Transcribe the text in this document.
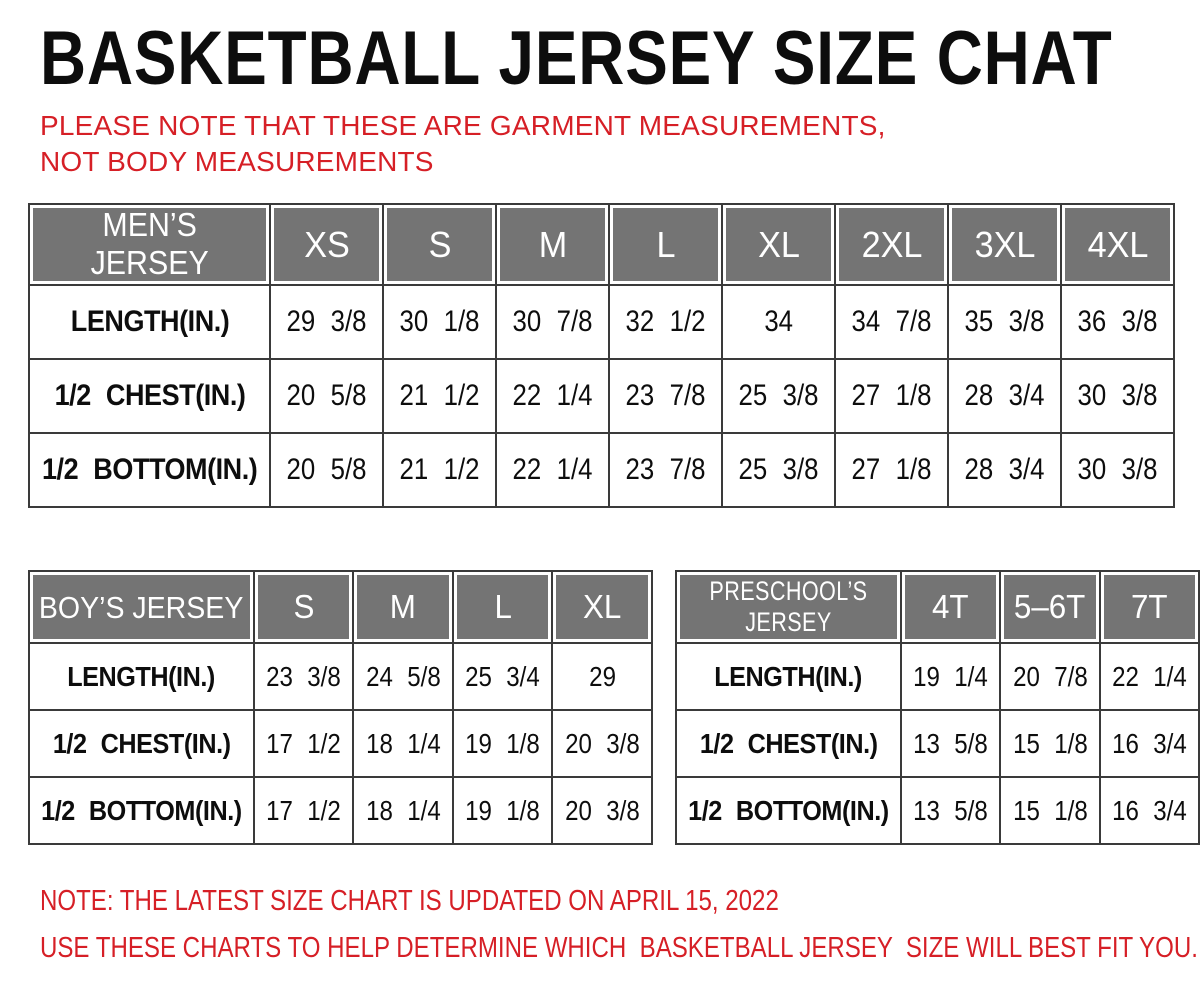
BASKETBALL JERSEY SIZE CHAT

PLEASE NOTE THAT THESE ARE GARMENT MEASUREMENTS, NOT BODY MEASUREMENTS

MEN’S JERSEY	XS	S	M	L	XL	2XL	3XL	4XL
LENGTH(IN.)	29 3/8	30 1/8	30 7/8	32 1/2	34	34 7/8	35 3/8	36 3/8
1/2 CHEST(IN.)	20 5/8	21 1/2	22 1/4	23 7/8	25 3/8	27 1/8	28 3/4	30 3/8
1/2 BOTTOM(IN.)	20 5/8	21 1/2	22 1/4	23 7/8	25 3/8	27 1/8	28 3/4	30 3/8
BOY’S JERSEY	S	M	L	XL
LENGTH(IN.)	23 3/8	24 5/8	25 3/4	29
1/2 CHEST(IN.)	17 1/2	18 1/4	19 1/8	20 3/8
1/2 BOTTOM(IN.)	17 1/2	18 1/4	19 1/8	20 3/8
PRESCHOOL’S JERSEY	4T	5–6T	7T
LENGTH(IN.)	19 1/4	20 7/8	22 1/4
1/2 CHEST(IN.)	13 5/8	15 1/8	16 3/4
1/2 BOTTOM(IN.)	13 5/8	15 1/8	16 3/4

NOTE: THE LATEST SIZE CHART IS UPDATED ON APRIL 15, 2022

USE THESE CHARTS TO HELP DETERMINE WHICH  BASKETBALL JERSEY  SIZE WILL BEST FIT YOU.
